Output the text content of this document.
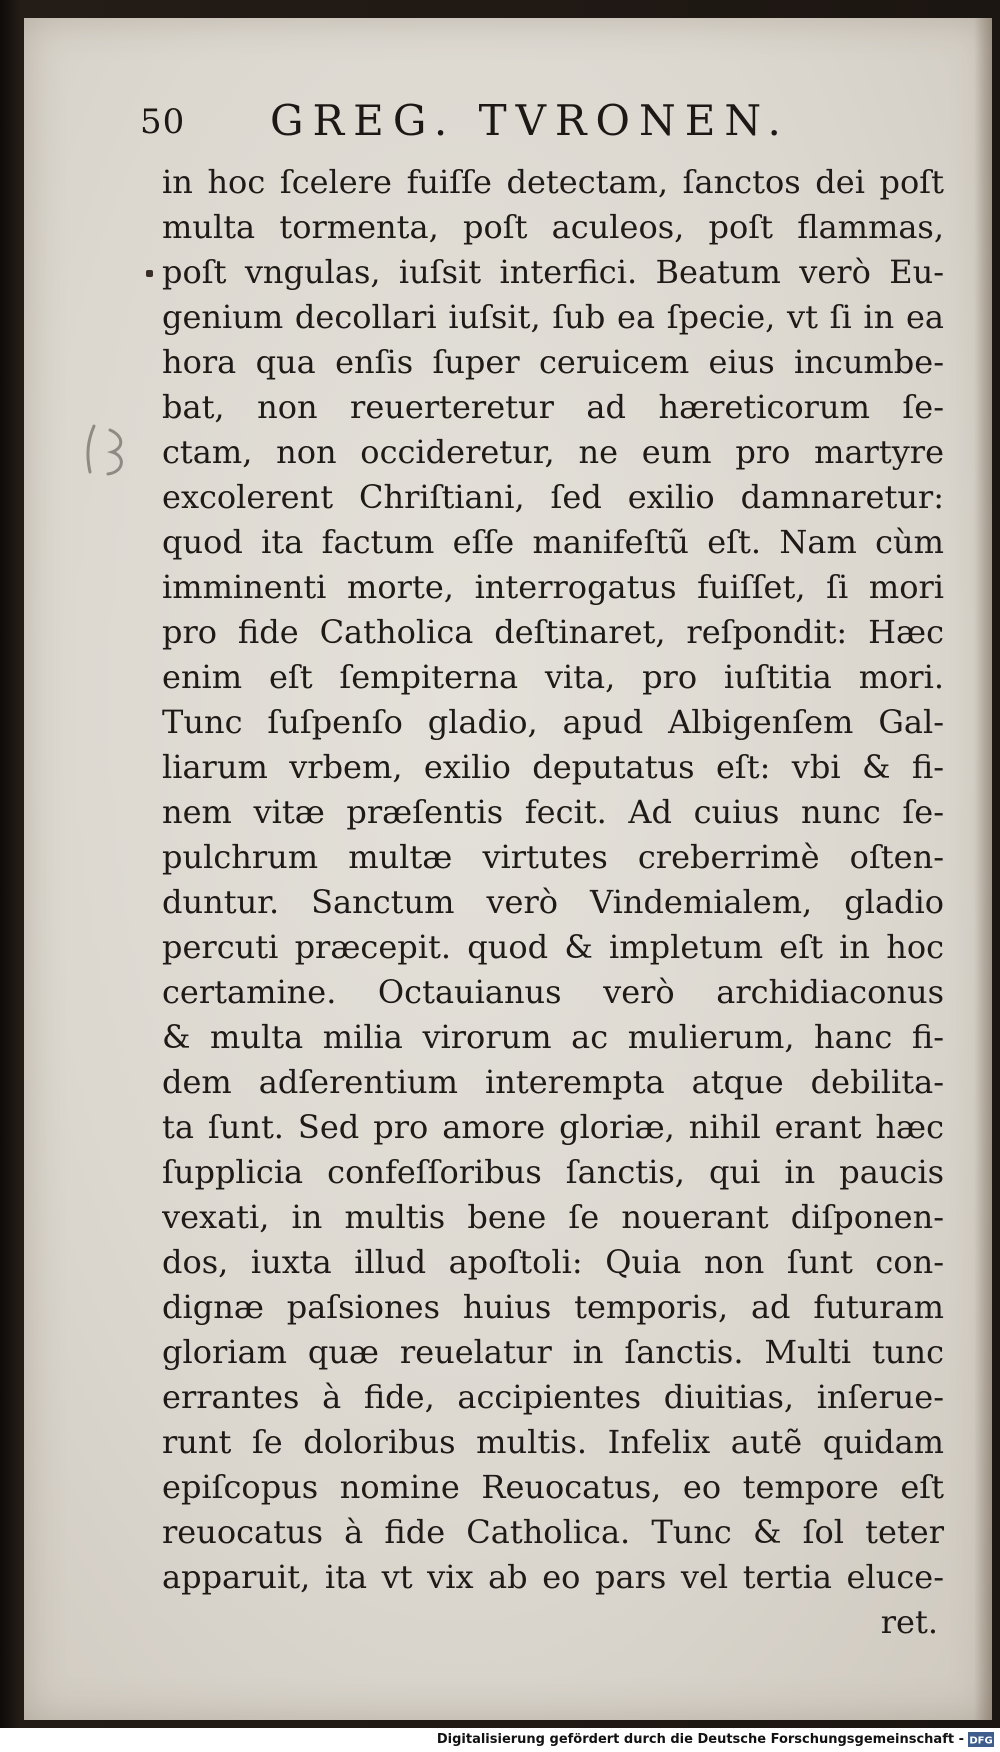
50 GREG. TVRONEN.
in hoc ſcelere fuiſſe detectam, ſanctos dei poſt
multa tormenta, poſt aculeos, poſt flammas,
poſt vngulas, iuſsit interfici. Beatum verò Eu-
genium decollari iuſsit, ſub ea ſpecie, vt ſi in ea
hora qua enſis ſuper ceruicem eius incumbe-
bat, non reuerteretur ad hæreticorum ſe-
ctam, non occideretur, ne eum pro martyre
excolerent Chriſtiani, ſed exilio damnaretur:
quod ita factum eſſe manifeſtũ eſt. Nam cùm
imminenti morte, interrogatus fuiſſet, ſi mori
pro fide Catholica deſtinaret, reſpondit: Hæc
enim eſt ſempiterna vita, pro iuſtitia mori.
Tunc ſuſpenſo gladio, apud Albigenſem Gal-
liarum vrbem, exilio deputatus eſt: vbi & fi-
nem vitæ præſentis fecit. Ad cuius nunc ſe-
pulchrum multæ virtutes creberrimè oſten-
duntur. Sanctum verò Vindemialem, gladio
percuti præcepit. quod & impletum eſt in hoc
certamine. Octauianus verò archidiaconus
& multa milia virorum ac mulierum, hanc fi-
dem adſerentium interempta atque debilita-
ta ſunt. Sed pro amore gloriæ, nihil erant hæc
ſupplicia confeſſoribus ſanctis, qui in paucis
vexati, in multis bene ſe nouerant diſponen-
dos, iuxta illud apoſtoli: Quia non ſunt con-
dignæ paſsiones huius temporis, ad futuram
gloriam quæ reuelatur in ſanctis. Multi tunc
errantes à fide, accipientes diuitias, inſerue-
runt ſe doloribus multis. Infelix autẽ quidam
epiſcopus nomine Reuocatus, eo tempore eſt
reuocatus à fide Catholica. Tunc & ſol teter
apparuit, ita vt vix ab eo pars vel tertia eluce-
ret.
Digitalisierung gefördert durch die Deutsche Forschungsgemeinschaft - DFG
